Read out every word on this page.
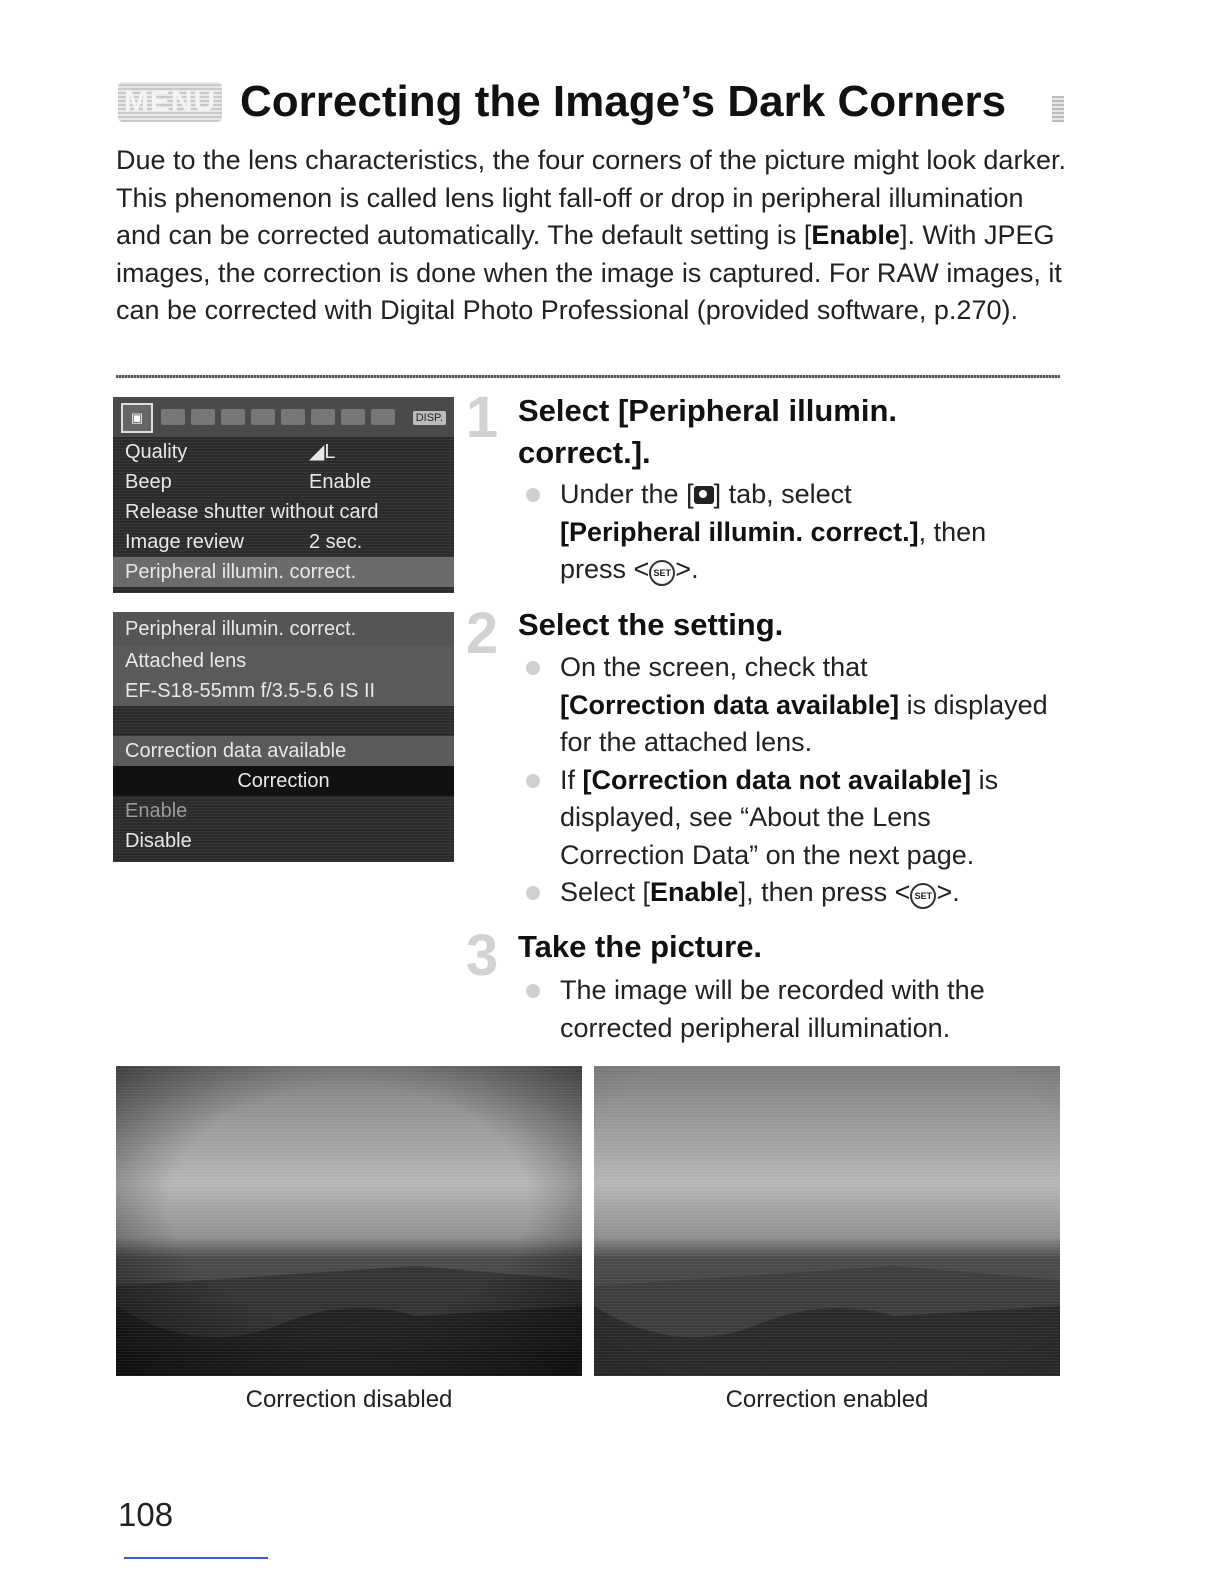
MENU Correcting the Image’s Dark Corners
Due to the lens characteristics, the four corners of the picture might look darker. This phenomenon is called lens light fall-off or drop in peripheral illumination and can be corrected automatically. The default setting is [Enable]. With JPEG images, the correction is done when the image is captured. For RAW images, it can be corrected with Digital Photo Professional (provided software, p.270).
▣	DISP.
Quality	◢L
Beep	Enable
Release shutter without card
Image review	2 sec.
Peripheral illumin. correct.
Peripheral illumin. correct.
Attached lens
EF-S18-55mm f/3.5-5.6 IS II
Correction data available
Correction
Enable
Disable
1 Select [Peripheral illumin.
correct.].
Under the [ ] tab, select
[Peripheral illumin. correct.], then
press < SET >.
2 Select the setting.
On the screen, check that
[Correction data available] is displayed for the attached lens.
If [Correction data not available] is displayed, see “About the Lens Correction Data” on the next page.
Select [Enable], then press < SET >.
3 Take the picture.
The image will be recorded with the corrected peripheral illumination.
Correction disabled	Correction enabled
108
